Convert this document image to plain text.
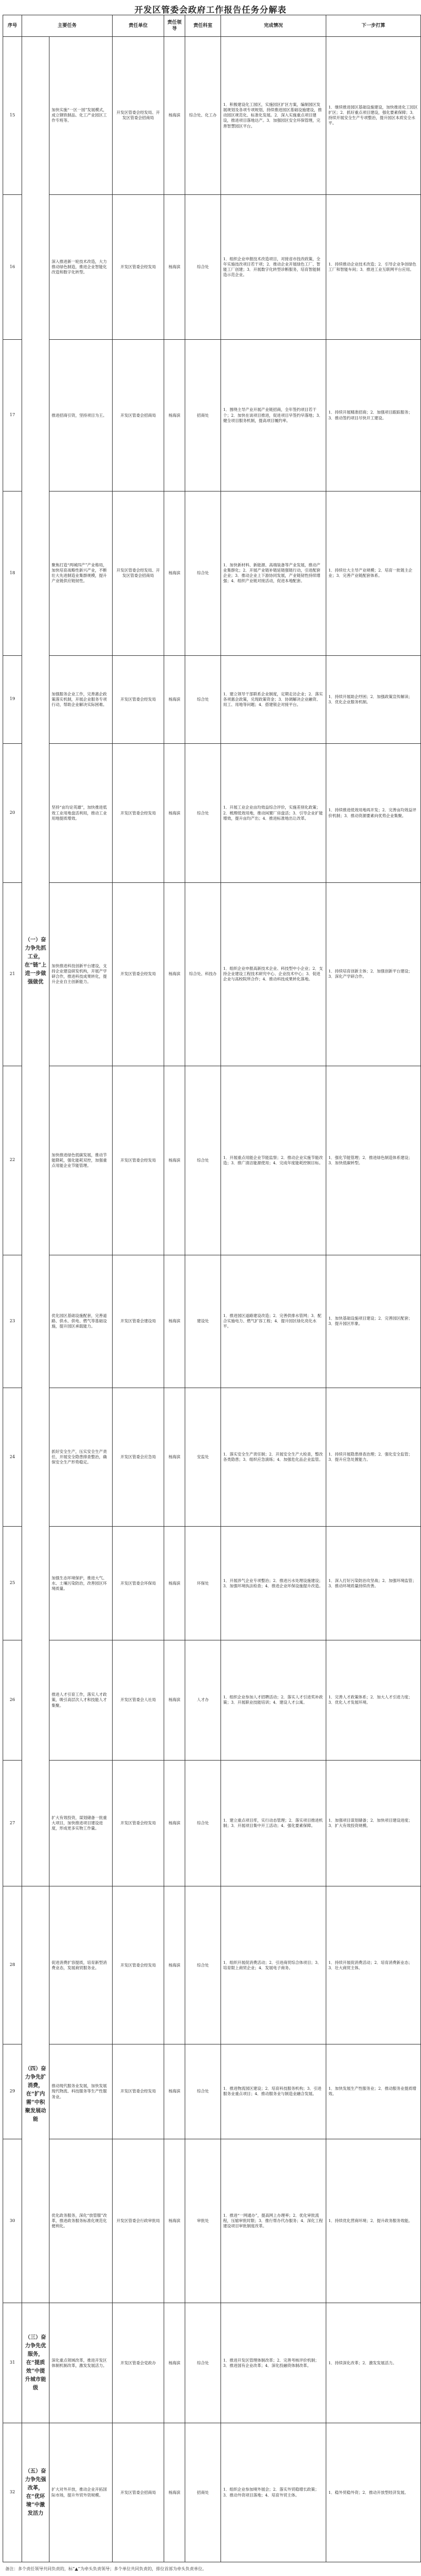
开发区管委会政府工作报告任务分解表
序号	主要任务		责任单位	责任领导	责任科室	完成情况	下一步打算
15	（一）奋力争先抓工业，在“链”上进一步做强做优	加快实施“一区一园”发展模式，成立钢铁制品、化工产业园区工作专班等。	开发区管委会经发局、开发区管委会招商局	杨海滨	综合处、化工办	1．积极建设化工园区，实施园区扩区方案，编制园区发展规划及各项专项规划，持续推进园区基础设施建设，推动园区规范化、标准化发展。2．深入实施重点项目建设，推进项目落地达产。3．加强园区安全环保管理，完善智慧园区平台。	1．继续推进园区基础设施建设，加快推进化工园区扩区；2．抓好重点项目建设，强化要素保障；3．持续开展安全生产专项整治，提升园区本质安全水平。
16		深入推进新一轮技术改造，大力推动绿色制造，推进企业智能化改造和数字化转型。	开发区管委会经发局	杨海滨	综合处	1．组织企业申报技术改造项目，对接省市技改政策，全年实施技改项目若干项；2．推动企业开展绿色工厂、智能工厂创建；3．开展数字化转型诊断服务，培育智能制造示范企业。	1．持续推动企业技术改造；2．引导企业争创绿色工厂和智能车间；3．推进工业互联网平台应用。
17		推进招商引资，坚持项目为王。	开发区管委会招商局	杨海滨	招商处	1．围绕主导产业开展产业链招商，全年签约项目若干个；2．加快在谈项目推进，促进项目早签约早落地；3．健全项目服务机制，提高项目履约率。	1．持续开展精准招商；2．加强项目跟踪服务；3．推动签约项目尽快开工建设。
18		聚焦打造“两城四产”产业格局，加快培育战略性新兴产业，不断壮大先进制造业集群规模，提升产业链供应链韧性。	开发区管委会经发局、开发区管委会招商局	杨海滨	综合处	1．加快新材料、新能源、高端装备等产业发展，推动产业集群化；2．开展产业链补链延链强链行动，引进配套企业；3．推动企业上下游协同发展，产业链韧性持续增强；4．组织产业链对接活动，促进本地配套。	1．持续壮大主导产业规模；2．培育一批链主企业；3．完善产业链配套体系。
19		加强服务企业工作，完善惠企政策落实机制，开展企业服务专项行动，帮助企业解决实际困难。	开发区管委会经发局	杨海滨	综合处	1．建立领导干部联系企业制度，定期走访企业；2．落实各项惠企政策，兑现政策资金；3．协调解决企业融资、用工、用地等问题；4．搭建银企对接平台。	1．持续开展助企纾困；2．加强政策宣传解读；3．优化企业服务机制。
20		坚持“亩均论英雄”，加快推进低效工业用地盘活利用，推动工业用地提质增效。	开发区管委会经发局	杨海滨	综合处	1．开展工业企业亩均效益综合评价，实施差别化政策；2．梳理低效用地，推动闲置厂房盘活；3．引导企业扩能增效，提升亩均产出；4．推进标准地出让改革。	1．持续推进低效用地再开发；2．完善亩均效益评价机制；3．推动资源要素向优势企业集聚。
21		加快推进科技创新平台建设，支持企业建设研发机构，开展产学研合作，推进科技成果转化，提升企业自主创新能力。	开发区管委会经发局	杨海滨	综合处、科技办	1．组织企业申报高新技术企业、科技型中小企业；2．支持企业建设工程技术研究中心、企业技术中心；3．促进企业与高校院所合作；4．推动科技成果转化落地。	1．持续培育创新主体；2．加强创新平台建设；3．深化产学研合作。
22		加快推进绿色低碳发展，推动节能降耗，强化能耗双控，加强重点用能企业节能管理。	开发区管委会经发局	杨海滨	综合处	1．开展重点用能企业节能监察；2．推动企业实施节能改造；3．推广清洁能源使用；4．完成年度能耗控制目标。	1．强化节能管理；2．推进绿色制造体系建设；3．加快低碳转型。
23		优化园区基础设施配套，完善道路、供水、供电、燃气等基础设施，提升园区承载能力。	开发区管委会建设局	杨海滨	建设处	1．推进园区道路建设改造；2．完善供排水管网；3．配合实施电力、燃气扩容工程；4．提升园区绿化亮化水平。	1．加快基础设施项目建设；2．完善园区配套；3．提升园区形象。
24		抓好安全生产，压实安全生产责任，开展安全隐患排查整治，确保安全生产形势稳定。	开发区管委会应急局	杨海滨	安监处	1．落实安全生产责任制；2．开展安全生产大检查，整改各类隐患；3．组织应急演练；4．加强危化品企业监管。	1．持续开展隐患排查治理；2．强化安全监管；3．提升应急处置能力。
25		加强生态环境保护，推进大气、水、土壤污染防治，改善园区环境质量。	开发区管委会环保局	杨海滨	环保处	1．开展涉气企业专项整治；2．推进污水处理设施建设；3．加强环境执法检查；4．推进企业环保设施提升改造。	1．深入打好污染防治攻坚战；2．加强环境监管；3．推动环境质量持续改善。
26		推进人才引育工作，落实人才政策，吸引高层次人才和技能人才集聚。	开发区管委会人社局	杨海滨	人才办	1．组织企业参加人才招聘活动；2．落实人才引进奖补政策；3．开展职业技能培训；4．建设人才公寓。	1．完善人才政策体系；2．加大人才引进力度；3．优化人才发展环境。
27		扩大有效投资，谋划储备一批重大项目，加快推进项目建设进度，形成更多实物工作量。	开发区管委会经发局	杨海滨	综合处	1．建立重点项目库，实行动态管理；2．落实项目推进机制；3．开展项目集中开工活动；4．强化要素保障。	1．加强项目谋划储备；2．加快项目建设进度；3．扩大有效投资规模。
28	（四）奋力争先扩消费，在“扩内需”中积聚发展动能	促进消费扩容提质，培育新型消费业态，发展商贸服务业。	开发区管委会经发局	杨海滨	综合处	1．组织开展促消费活动；2．引进商贸综合体项目；3．培育限上商贸企业；4．发展电子商务。	1．持续开展促消费活动；2．培育消费新业态；3．壮大商贸主体。
29		推动现代服务业发展，加快发展现代物流、科技服务等生产性服务业。	开发区管委会经发局	杨海滨	综合处	1．推进物流园区建设；2．培育科技服务机构；3．引进服务业重点项目；4．推动服务业与制造业融合发展。	1．加快发展生产性服务业；2．推动服务业提质增效。
30		优化政务服务，深化“放管服”改革，推进政务服务标准化规范化便利化。	开发区管委会行政审批局	杨海滨	审批处	1．推进“一网通办”，提高网上办理率；2．优化审批流程，压缩审批时限；3．推行帮办代办服务；4．深化工程建设项目审批制度改革。	1．持续优化营商环境；2．提升政务服务效能。
31	（三）奋力争先优服务，在“提质效”中提升城市能级	深化重点领域改革，推进开发区体制机制改革，激发发展活力。	开发区管委会党政办	杨海滨	综合处	1．推进开发区管理体制改革；2．完善考核评价机制；3．推进国有企业改革；4．深化投融资体制改革。	1．持续深化改革；2．激发发展活力。
32	（五）奋力争先强改革，在“优环境”中激发活力	扩大对外开放，推动企业开拓国际市场，提升外贸外资规模。	开发区管委会招商局	杨海滨	招商处	1．组织企业参加境外展会；2．落实外贸稳增长政策；3．推动外资项目落地；4．培育外贸主体。	1．稳外贸稳外资；2．推动开放型经济发展。
备注：多个责任领导共同负责的，标“▲”为牵头负责领导；多个单位共同负责的，排位首部为牵头负责单位。
